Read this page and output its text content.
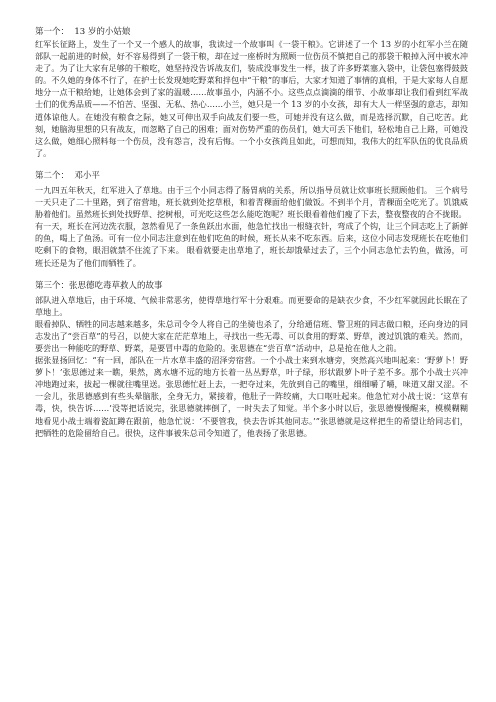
第一个：  13 岁的小姑娘

红军长征路上，发生了一个又一个感人的故事，我读过一个故事叫《一袋干粮》。它讲述了一个 13 岁的小红军小兰在随部队一起前进的时候，好不容易得到了一袋干粮，却在过一座桥时为照顾一位伤员不慎把自己的那袋干粮掉入河中被水冲走了。为了让大家有足够的干粮吃，她坚持没告诉战友们，装成没事发生一样，拔了许多野菜塞入袋中，让袋包塞得鼓鼓的。不久她的身体不行了，在护士长发现她吃野菜和拌包中“干粮”的事后，大家才知道了事情的真相，于是大家每人自愿地分一点干粮给她，让她体会到了家的温暖……故事虽小，内涵不小。这些点点滴滴的细节、小故事却让我们看到红军战士们的优秀品质——不怕苦、坚强、无私、热心……小兰，她只是一个 13 岁的小女孩，却有大人一样坚强的意志，却知道体谅他人。在她没有粮食之际，她又可伸出双手向战友们要一些，可她并没有这么做，而是选择沉默，自己吃苦。此刻，她脑海里想的只有战友，而忽略了自己的困难；面对伤势严重的伤员们，她大可丢下他们，轻松地自己上路，可她没这么做，她细心照料每一个伤员，没有怨言，没有后悔。一个小女孩尚且如此，可想而知，我伟大的红军队伍的优良品质了。

第二个：  邓小平

一九四五年秋天，红军进入了草地。由于三个小同志得了肠胃病的关系，所以指导员就让炊事班长照顾他们。 三个病号一天只走了二十里路，到了宿营地，班长就到处挖草根，和着青稞面给他们做饭。不到半个月，青稞面全吃光了。饥饿威胁着他们。虽然班长到处找野草、挖树根，可光吃这些怎么能吃饱呢？班长眼看着他们瘦了下去，整夜整夜的合不拢眼。

有一天，班长在河边洗衣服，忽然看见了一条鱼跃出水面，他急忙找出一根缝衣针，弯成了个钩，让三个同志吃上了新鲜的鱼，喝上了鱼汤。可有一位小同志注意到在他们吃鱼的时候，班长从来不吃东西。后来，这位小同志发现班长在吃他们吃剩下的食物，眼泪就禁不住流了下来。 眼看就要走出草地了，班长却饿晕过去了，三个小同志急忙去钓鱼，做汤，可班长还是为了他们而牺牲了。

第三个：张思德吃毒草救人的故事

部队进入草地后，由于环境、气候非常恶劣，使得草地行军十分艰难。而更要命的是缺衣少食，不少红军就因此长眠在了草地上。

眼看掉队、牺牲的同志越来越多，朱总司令令人将自己的坐骑也杀了，分给通信班、警卫班的同志做口粮，还向身边的同志发出了“尝百草”的号召，以使大家在茫茫草地上，寻找出一些无毒、可以食用的野菜、野草，渡过饥饿的难关。然而，要尝出一种能吃的野草、野菜，是要冒中毒的危险的。张思德在“尝百草”活动中，总是抢在他人之前。

据张显扬回忆：“有一回，部队在一片水草丰盛的沼泽旁宿营。一个小战士来到水塘旁，突然高兴地叫起来：‘野萝卜！野萝卜！’张思德过来一瞧，果然，离水塘不远的地方长着一丛丛野草，叶子绿，形状跟萝卜叶子差不多。那个小战士兴冲冲地跑过来，拔起一棵就往嘴里送。张思德忙赶上去，一把夺过来，先放到自己的嘴里，细细嚼了嚼，味道又甜又涩。不一会儿，张思德感到有些头晕脑胀，全身无力，紧接着，他肚子一阵绞痛，大口呕吐起来。他急忙对小战士说：‘这草有毒，快，快告诉……’没等把话说完，张思德就摔倒了，一时失去了知觉。半个多小时以后，张思德慢慢醒来，模模糊糊地看见小战士端着瓷缸蹲在跟前，他急忙说：‘不要管我，快去告诉其他同志。’”张思德就是这样把生的希望让给同志们，把牺牲的危险留给自己。很快，这件事被朱总司令知道了，他表扬了张思德。
